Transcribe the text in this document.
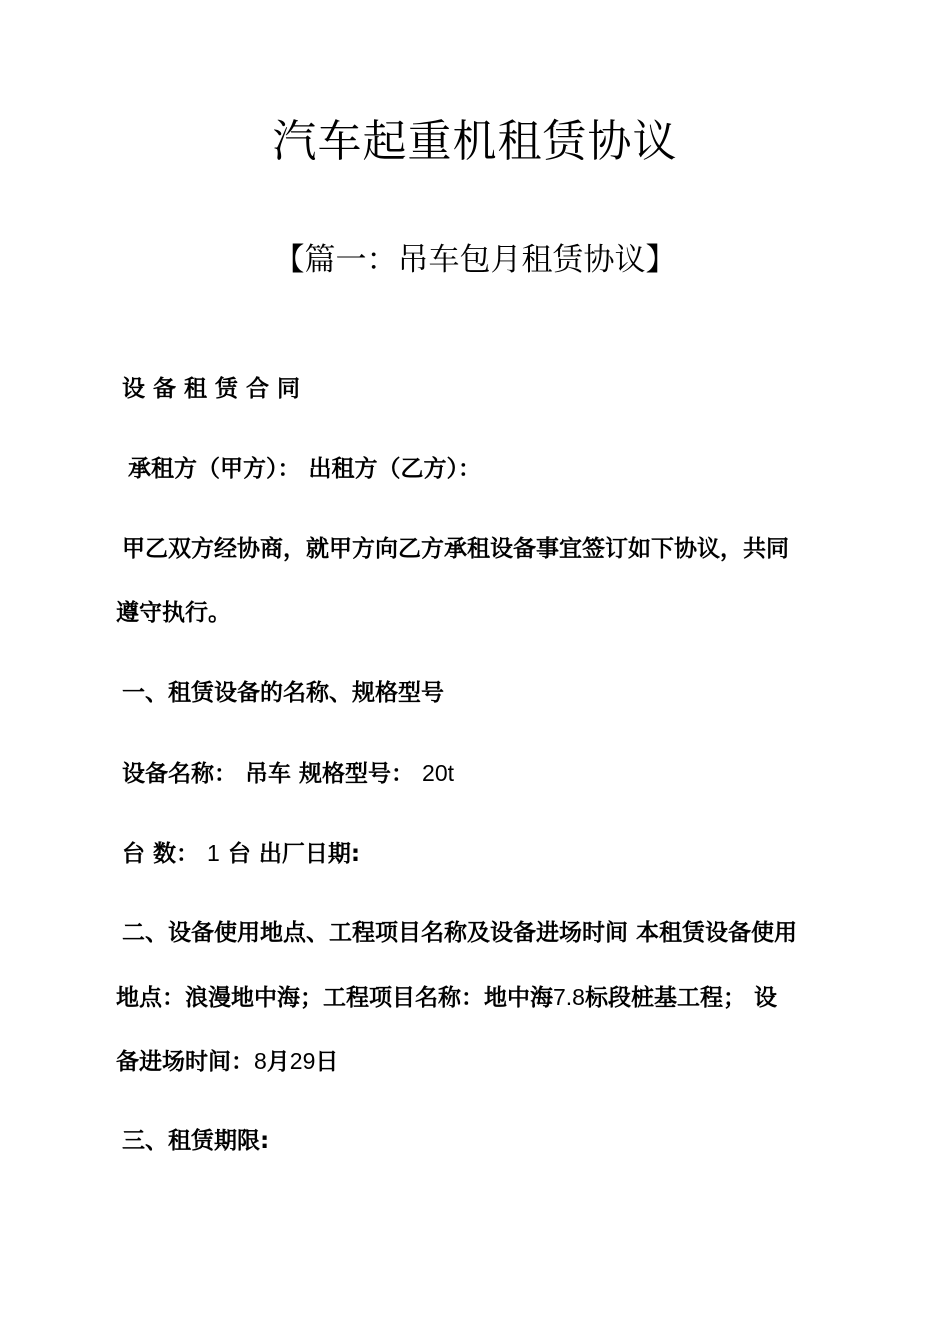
汽车起重机租赁协议
【篇一：吊车包月租赁协议】

设备租赁合同

承租方（甲方）： 出租方（乙方）：

甲乙双方经协商，就甲方向乙方承租设备事宜签订如下协议，共同

遵守执行。

一、租赁设备的名称、规格型号

设备名称： 吊车 规格型号： 20t

台 数： 1 台 出厂日期:

二、设备使用地点、工程项目名称及设备进场时间 本租赁设备使用

地点：浪漫地中海；工程项目名称：地中海7.8标段桩基工程； 设

备进场时间：8月29日

三、租赁期限:
